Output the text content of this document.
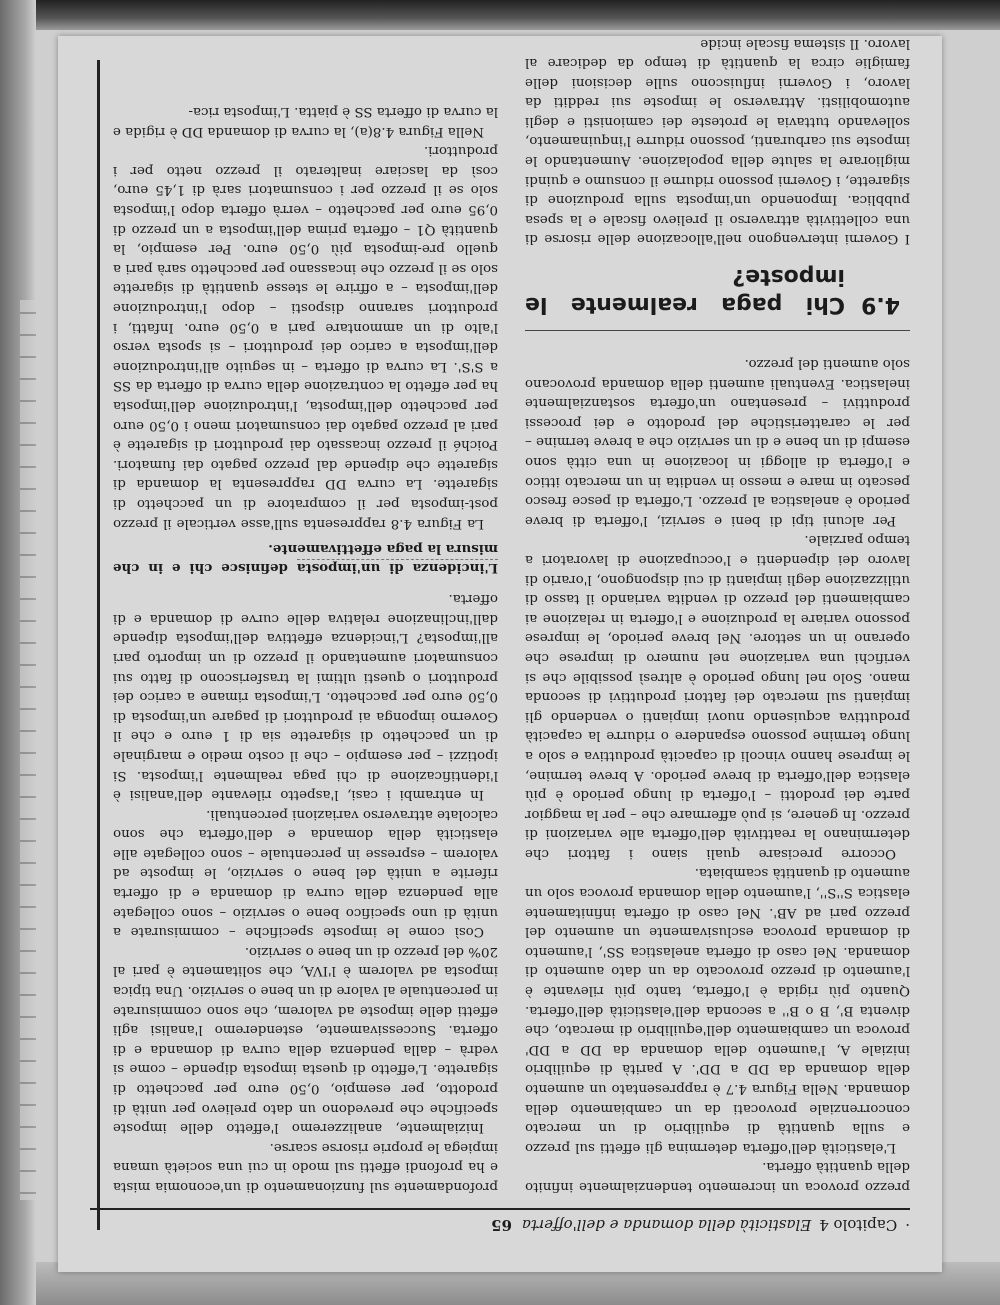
·
Capitolo 4
Elasticità della domanda e dell'offerta
65

prezzo provoca un incremento tendenzialmente infinito della quantità offerta.

L'elasticità dell'offerta determina gli effetti sul prezzo e sulla quantità di equilibrio di un mercato concorrenziale provocati da un cambiamento della domanda. Nella Figura 4.7 è rappresentato un aumento della domanda da DD a DD'. A parità di equilibrio iniziale A, l'aumento della domanda da DD a DD' provoca un cambiamento dell'equilibrio di mercato, che diventa B', B o B'' a seconda dell'elasticità dell'offerta. Quanto più rigida è l'offerta, tanto più rilevante è l'aumento di prezzo provocato da un dato aumento di domanda. Nel caso di offerta anelastica SS', l'aumento di domanda provoca esclusivamente un aumento del prezzo pari ad AB'. Nel caso di offerta infinitamente elastica S''S'', l'aumento della domanda provoca solo un aumento di quantità scambiata.

Occorre precisare quali siano i fattori che determinano la reattività dell'offerta alle variazioni di prezzo. In genere, si può affermare che – per la maggior parte dei prodotti – l'offerta di lungo periodo è più elastica dell'offerta di breve periodo. A breve termine, le imprese hanno vincoli di capacità produttiva e solo a lungo termine possono espandere o ridurre la capacità produttiva acquisendo nuovi impianti o vendendo gli impianti sul mercato dei fattori produttivi di seconda mano. Solo nel lungo periodo è altresì possibile che si verifichi una variazione nel numero di imprese che operano in un settore. Nel breve periodo, le imprese possono variare la produzione e l'offerta in relazione ai cambiamenti del prezzo di vendita variando il tasso di utilizzazione degli impianti di cui dispongono, l'orario di lavoro dei dipendenti e l'occupazione di lavoratori a tempo parziale.

Per alcuni tipi di beni e servizi, l'offerta di breve periodo è anelastica al prezzo. L'offerta di pesce fresco pescato in mare e messo in vendita in un mercato ittico e l'offerta di alloggi in locazione in una città sono esempi di un bene e di un servizio che a breve termine – per le caratteristiche del prodotto e dei processi produttivi – presentano un'offerta sostanzialmente inelastica. Eventuali aumenti della domanda provocano solo aumenti del prezzo.

4.9
Chi paga realmente le imposte?

I Governi intervengono nell'allocazione delle risorse di una collettività attraverso il prelievo fiscale e la spesa pubblica. Imponendo un'imposta sulla produzione di sigarette, i Governi possono ridurne il consumo e quindi migliorare la salute della popolazione. Aumentando le imposte sui carburanti, possono ridurre l'inquinamento, sollevando tuttavia le proteste dei camionisti e degli automobilisti. Attraverso le imposte sui redditi da lavoro, i Governi influiscono sulle decisioni delle famiglie circa la quantità di tempo da dedicare al lavoro. Il sistema fiscale incide

profondamente sul funzionamento di un'economia mista e ha profondi effetti sul modo in cui una società umana impiega le proprie risorse scarse.

Inizialmente, analizzeremo l'effetto delle imposte specifiche che prevedono un dato prelievo per unità di prodotto, per esempio, 0,50 euro per pacchetto di sigarette. L'effetto di questa imposta dipende – come si vedrà – dalla pendenza della curva di domanda e di offerta. Successivamente, estenderemo l'analisi agli effetti delle imposte ad valorem, che sono commisurate in percentuale al valore di un bene o servizio. Una tipica imposta ad valorem è l'IVA, che solitamente è pari al 20% del prezzo di un bene o servizio.

Così come le imposte specifiche – commisurate a unità di uno specifico bene o servizio – sono collegate alla pendenza della curva di domanda e di offerta riferite a unità del bene o servizio, le imposte ad valorem – espresse in percentuale – sono collegate alle elasticità della domanda e dell'offerta che sono calcolate attraverso variazioni percentuali.

In entrambi i casi, l'aspetto rilevante dell'analisi è l'identificazione di chi paga realmente l'imposta. Si ipotizzi – per esempio – che il costo medio e marginale di un pacchetto di sigarette sia di 1 euro e che il Governo imponga ai produttori di pagare un'imposta di 0,50 euro per pacchetto. L'imposta rimane a carico dei produttori o questi ultimi la trasferiscono di fatto sui consumatori aumentando il prezzo di un importo pari all'imposta? L'incidenza effettiva dell'imposta dipende dall'inclinazione relativa delle curve di domanda e di offerta.

L'incidenza di un'imposta definisce chi e in che misura la paga effettivamente.

La Figura 4.8 rappresenta sull'asse verticale il prezzo post-imposta per il compratore di un pacchetto di sigarette. La curva DD rappresenta la domanda di sigarette che dipende dal prezzo pagato dai fumatori. Poiché il prezzo incassato dai produttori di sigarette è pari al prezzo pagato dai consumatori meno i 0,50 euro per pacchetto dell'imposta, l'introduzione dell'imposta ha per effetto la contrazione della curva di offerta da SS a S'S'. La curva di offerta – in seguito all'introduzione dell'imposta a carico dei produttori – si sposta verso l'alto di un ammontare pari a 0,50 euro. Infatti, i produttori saranno disposti – dopo l'introduzione dell'imposta – a offrire le stesse quantità di sigarette solo se il prezzo che incassano per pacchetto sarà pari a quello pre-imposta più 0,50 euro. Per esempio, la quantità Q1 – offerta prima dell'imposta a un prezzo di 0,95 euro per pacchetto – verrà offerta dopo l'imposta solo se il prezzo per i consumatori sarà di 1,45 euro, così da lasciare inalterato il prezzo netto per i produttori.

Nella Figura 4.8(a), la curva di domanda DD è rigida e la curva di offerta SS è piatta. L'imposta rica-
